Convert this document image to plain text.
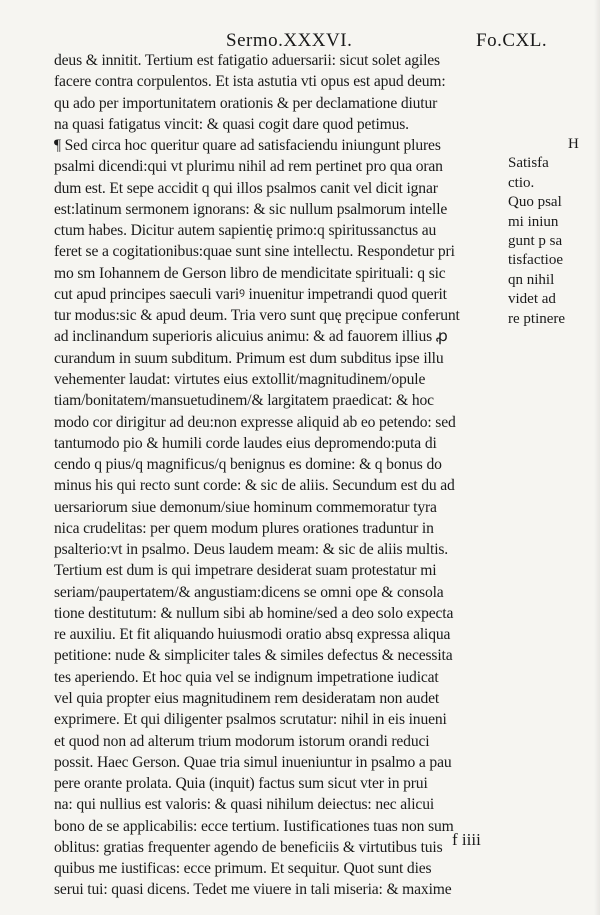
Sermo.XXXVI.	Fo.CXL.
deus & innitit. Tertium est fatigatio aduersarii: sicut solet agiles
facere contra corpulentos. Et ista astutia vti opus est apud deum:
qu ado per importunitatem orationis & per declamatione diutur
na quasi fatigatus vincit: & quasi cogit dare quod petimus.
¶ Sed circa hoc queritur quare ad satisfaciendu iniungunt plures
psalmi dicendi:qui vt plurimu nihil ad rem pertinet pro qua oran
dum est. Et sepe accidit q qui illos psalmos canit vel dicit ignar
est:latinum sermonem ignorans: & sic nullum psalmorum intelle
ctum habes. Dicitur autem sapientię primo:q spiritussanctus au
feret se a cogitationibus:quae sunt sine intellectu. Respondetur pri
mo sm Iohannem de Gerson libro de mendicitate spirituali: q sic
cut apud principes saeculi variꝰ inuenitur impetrandi quod querit
tur modus:sic & apud deum. Tria vero sunt quę pręcipue conferunt
ad inclinandum superioris alicuius animu: & ad fauorem illius ꝓ
curandum in suum subditum. Primum est dum subditus ipse illu
vehementer laudat: virtutes eius extollit/magnitudinem/opule
tiam/bonitatem/mansuetudinem/& largitatem praedicat: & hoc
modo cor dirigitur ad deu:non expresse aliquid ab eo petendo: sed
tantumodo pio & humili corde laudes eius depromendo:puta di
cendo q pius/q magnificus/q benignus es domine: & q bonus do
minus his qui recto sunt corde: & sic de aliis. Secundum est du ad
uersariorum siue demonum/siue hominum commemoratur tyra
nica crudelitas: per quem modum plures orationes traduntur in
psalterio:vt in psalmo. Deus laudem meam: & sic de aliis multis.
Tertium est dum is qui impetrare desiderat suam protestatur mi
seriam/paupertatem/& angustiam:dicens se omni ope & consola
tione destitutum: & nullum sibi ab homine/sed a deo solo expecta
re auxiliu. Et fit aliquando huiusmodi oratio absq expressa aliqua
petitione: nude & simpliciter tales & similes defectus & necessita
tes aperiendo. Et hoc quia vel se indignum impetratione iudicat
vel quia propter eius magnitudinem rem desideratam non audet
exprimere. Et qui diligenter psalmos scrutatur: nihil in eis inueni
et quod non ad alterum trium modorum istorum orandi reduci
possit. Haec Gerson. Quae tria simul inueniuntur in psalmo a pau
pere orante prolata. Quia (inquit) factus sum sicut vter in prui
na: qui nullius est valoris: & quasi nihilum deiectus: nec alicui
bono de se applicabilis: ecce tertium. Iustificationes tuas non sum
oblitus: gratias frequenter agendo de beneficiis & virtutibus tuis
quibus me iustificas: ecce primum. Et sequitur. Quot sunt dies
serui tui: quasi dicens. Tedet me viuere in tali miseria: & maxime
H
Satisfa
ctio.
Quo psal
mi iniun
gunt p sa
tisfactioe
qn nihil
videt ad
re ptinere
f iiii
